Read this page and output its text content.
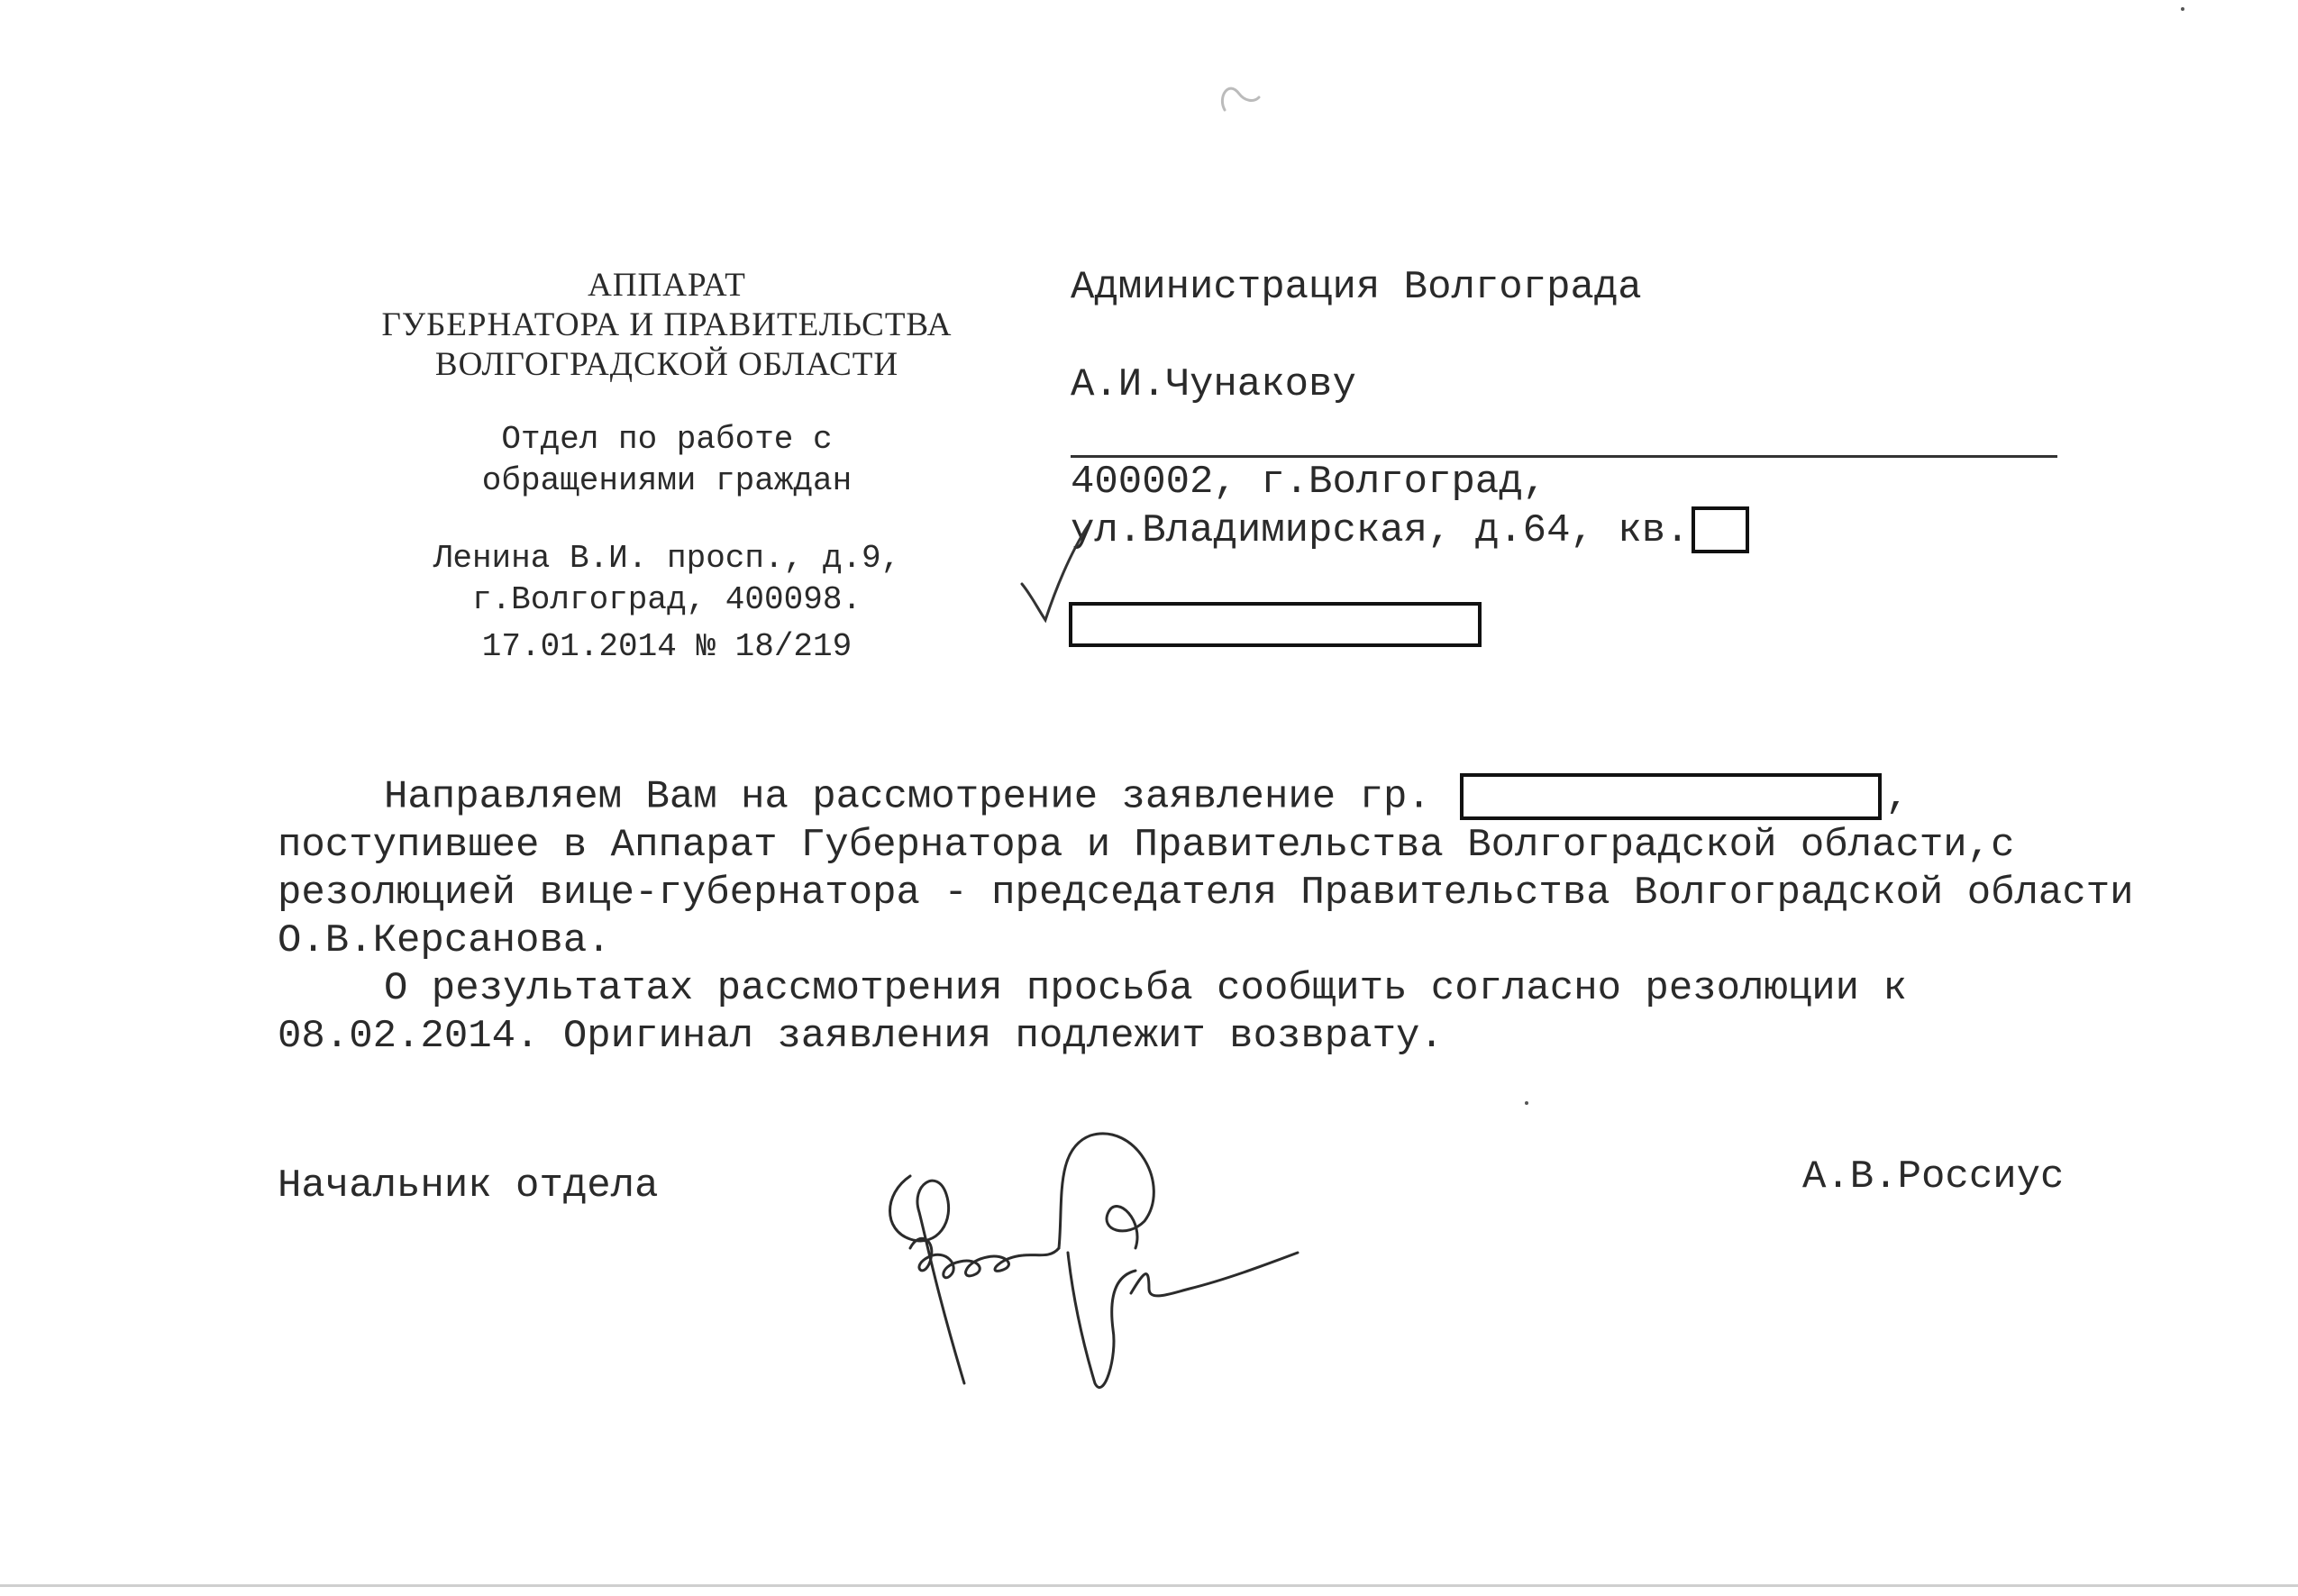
АППАРАТ
ГУБЕРНАТОРА И ПРАВИТЕЛЬСТВА
ВОЛГОГРАДСКОЙ ОБЛАСТИ
Отдел по работе с
обращениями граждан
Ленина В.И. просп., д.9,
г.Волгоград, 400098.
17.01.2014 № 18/219
Администрация Волгограда
А.И.Чунакову
400002, г.Волгоград,
ул.Владимирская, д.64, кв.

Направляем Вам на рассмотрение заявление гр.	,
поступившее в Аппарат Губернатора и Правительства Волгоградской области,с резолюцией вице-губернатора - председателя Правительства Волгоградской области О.В.Керсанова.

О результатах рассмотрения просьба сообщить согласно резолюции к 08.02.2014. Оригинал заявления подлежит возврату.

Начальник отдела	А.В.Россиус
